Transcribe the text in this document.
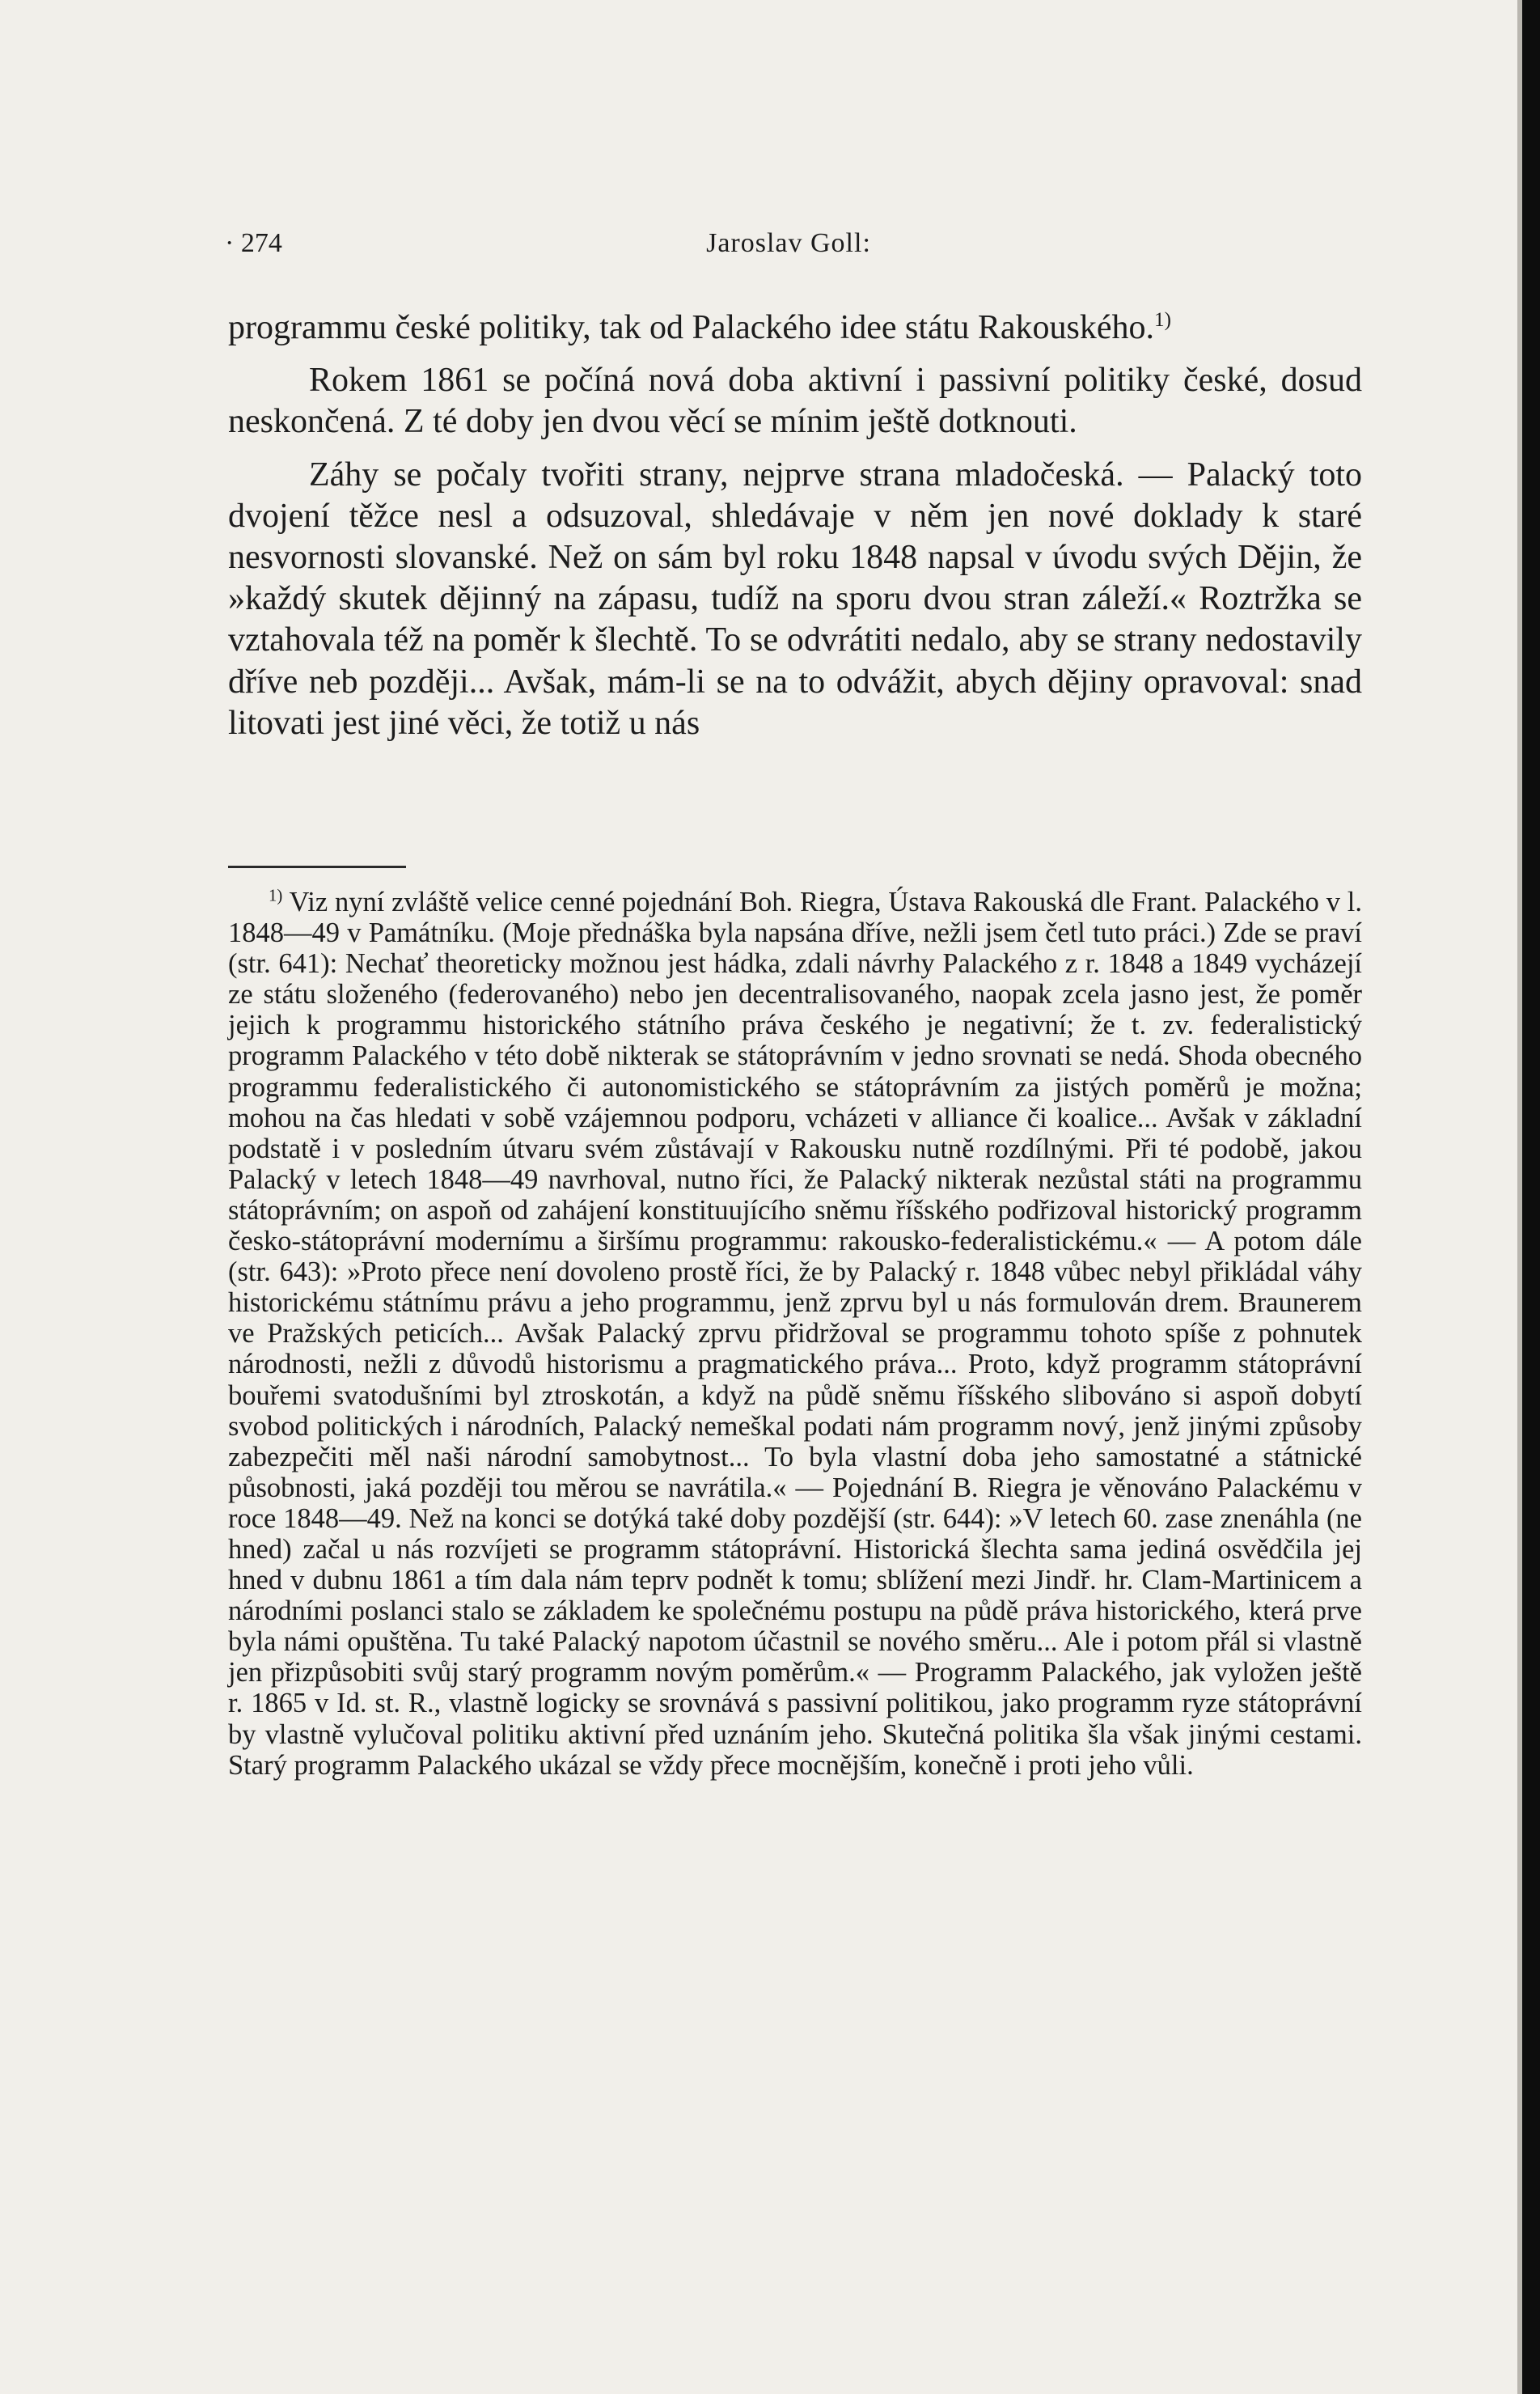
· 274	Jaroslav Goll:

programmu české politiky, tak od Palackého idee státu Rakouského.$^{1)}$

Rokem 1861 se počíná nová doba aktivní i passivní politiky české, dosud neskončená. Z té doby jen dvou věcí se mínim ještě dotknouti.

Záhy se počaly tvořiti strany, nejprve strana mladočeská. — Palacký toto dvojení těžce nesl a odsuzoval, shledávaje v něm jen nové doklady k staré nesvornosti slovanské. Než on sám byl roku 1848 napsal v úvodu svých Dějin, že »každý skutek dějinný na zápasu, tudíž na sporu dvou stran záleží.« Roztržka se vztahovala též na poměr k šlechtě. To se odvrátiti nedalo, aby se strany nedostavily dříve neb později... Avšak, mám-li se na to odvážit, abych dějiny opravoval: snad litovati jest jiné věci, že totiž u nás

$^{1)}$ Viz nyní zvláště velice cenné pojednání Boh. Riegra, Ústava Rakouská dle Frant. Palackého v l. 1848—49 v Památníku. (Moje přednáška byla napsána dříve, nežli jsem četl tuto práci.) Zde se praví (str. 641): Nechať theoreticky možnou jest hádka, zdali návrhy Palackého z r. 1848 a 1849 vycházejí ze státu složeného (federovaného) nebo jen decentralisovaného, naopak zcela jasno jest, že poměr jejich k programmu historického státního práva českého je negativní; že t. zv. federalistický programm Palackého v této době nikterak se státoprávním v jedno srovnati se nedá. Shoda obecného programmu federalistického či autonomistického se státoprávním za jistých poměrů je možna; mohou na čas hledati v sobě vzájemnou podporu, vcházeti v alliance či koalice... Avšak v základní podstatě i v posledním útvaru svém zůstávají v Rakousku nutně rozdílnými. Při té podobě, jakou Palacký v letech 1848—49 navrhoval, nutno říci, že Palacký nikterak nezůstal státi na programmu státoprávním; on aspoň od zahájení konstituujícího sněmu říšského podřizoval historický programm česko-státoprávní modernímu a širšímu programmu: rakousko-federalistickému.« — A potom dále (str. 643): »Proto přece není dovoleno prostě říci, že by Palacký r. 1848 vůbec nebyl přikládal váhy historickému státnímu právu a jeho programmu, jenž zprvu byl u nás formulován drem. Braunerem ve Pražských peticích... Avšak Palacký zprvu přidržoval se programmu tohoto spíše z pohnutek národnosti, nežli z důvodů historismu a pragmatického práva... Proto, když programm státoprávní bouřemi svatodušními byl ztroskotán, a když na půdě sněmu říšského slibováno si aspoň dobytí svobod politických i národních, Palacký nemeškal podati nám programm nový, jenž jinými způsoby zabezpečiti měl naši národní samobytnost... To byla vlastní doba jeho samostatné a státnické působnosti, jaká později tou měrou se navrátila.« — Pojednání B. Riegra je věnováno Palackému v roce 1848—49. Než na konci se dotýká také doby pozdější (str. 644): »V letech 60. zase znenáhla (ne hned) začal u nás rozvíjeti se programm státoprávní. Historická šlechta sama jediná osvědčila jej hned v dubnu 1861 a tím dala nám teprv podnět k tomu; sblížení mezi Jindř. hr. Clam-Martinicem a národními poslanci stalo se základem ke společnému postupu na půdě práva historického, která prve byla námi opuštěna. Tu také Palacký napotom účastnil se nového směru... Ale i potom přál si vlastně jen přizpůsobiti svůj starý programm novým poměrům.« — Programm Palackého, jak vyložen ještě r. 1865 v Id. st. R., vlastně logicky se srovnává s passivní politikou, jako programm ryze státoprávní by vlastně vylučoval politiku aktivní před uznáním jeho. Skutečná politika šla však jinými cestami. Starý programm Palackého ukázal se vždy přece mocnějším, konečně i proti jeho vůli.
